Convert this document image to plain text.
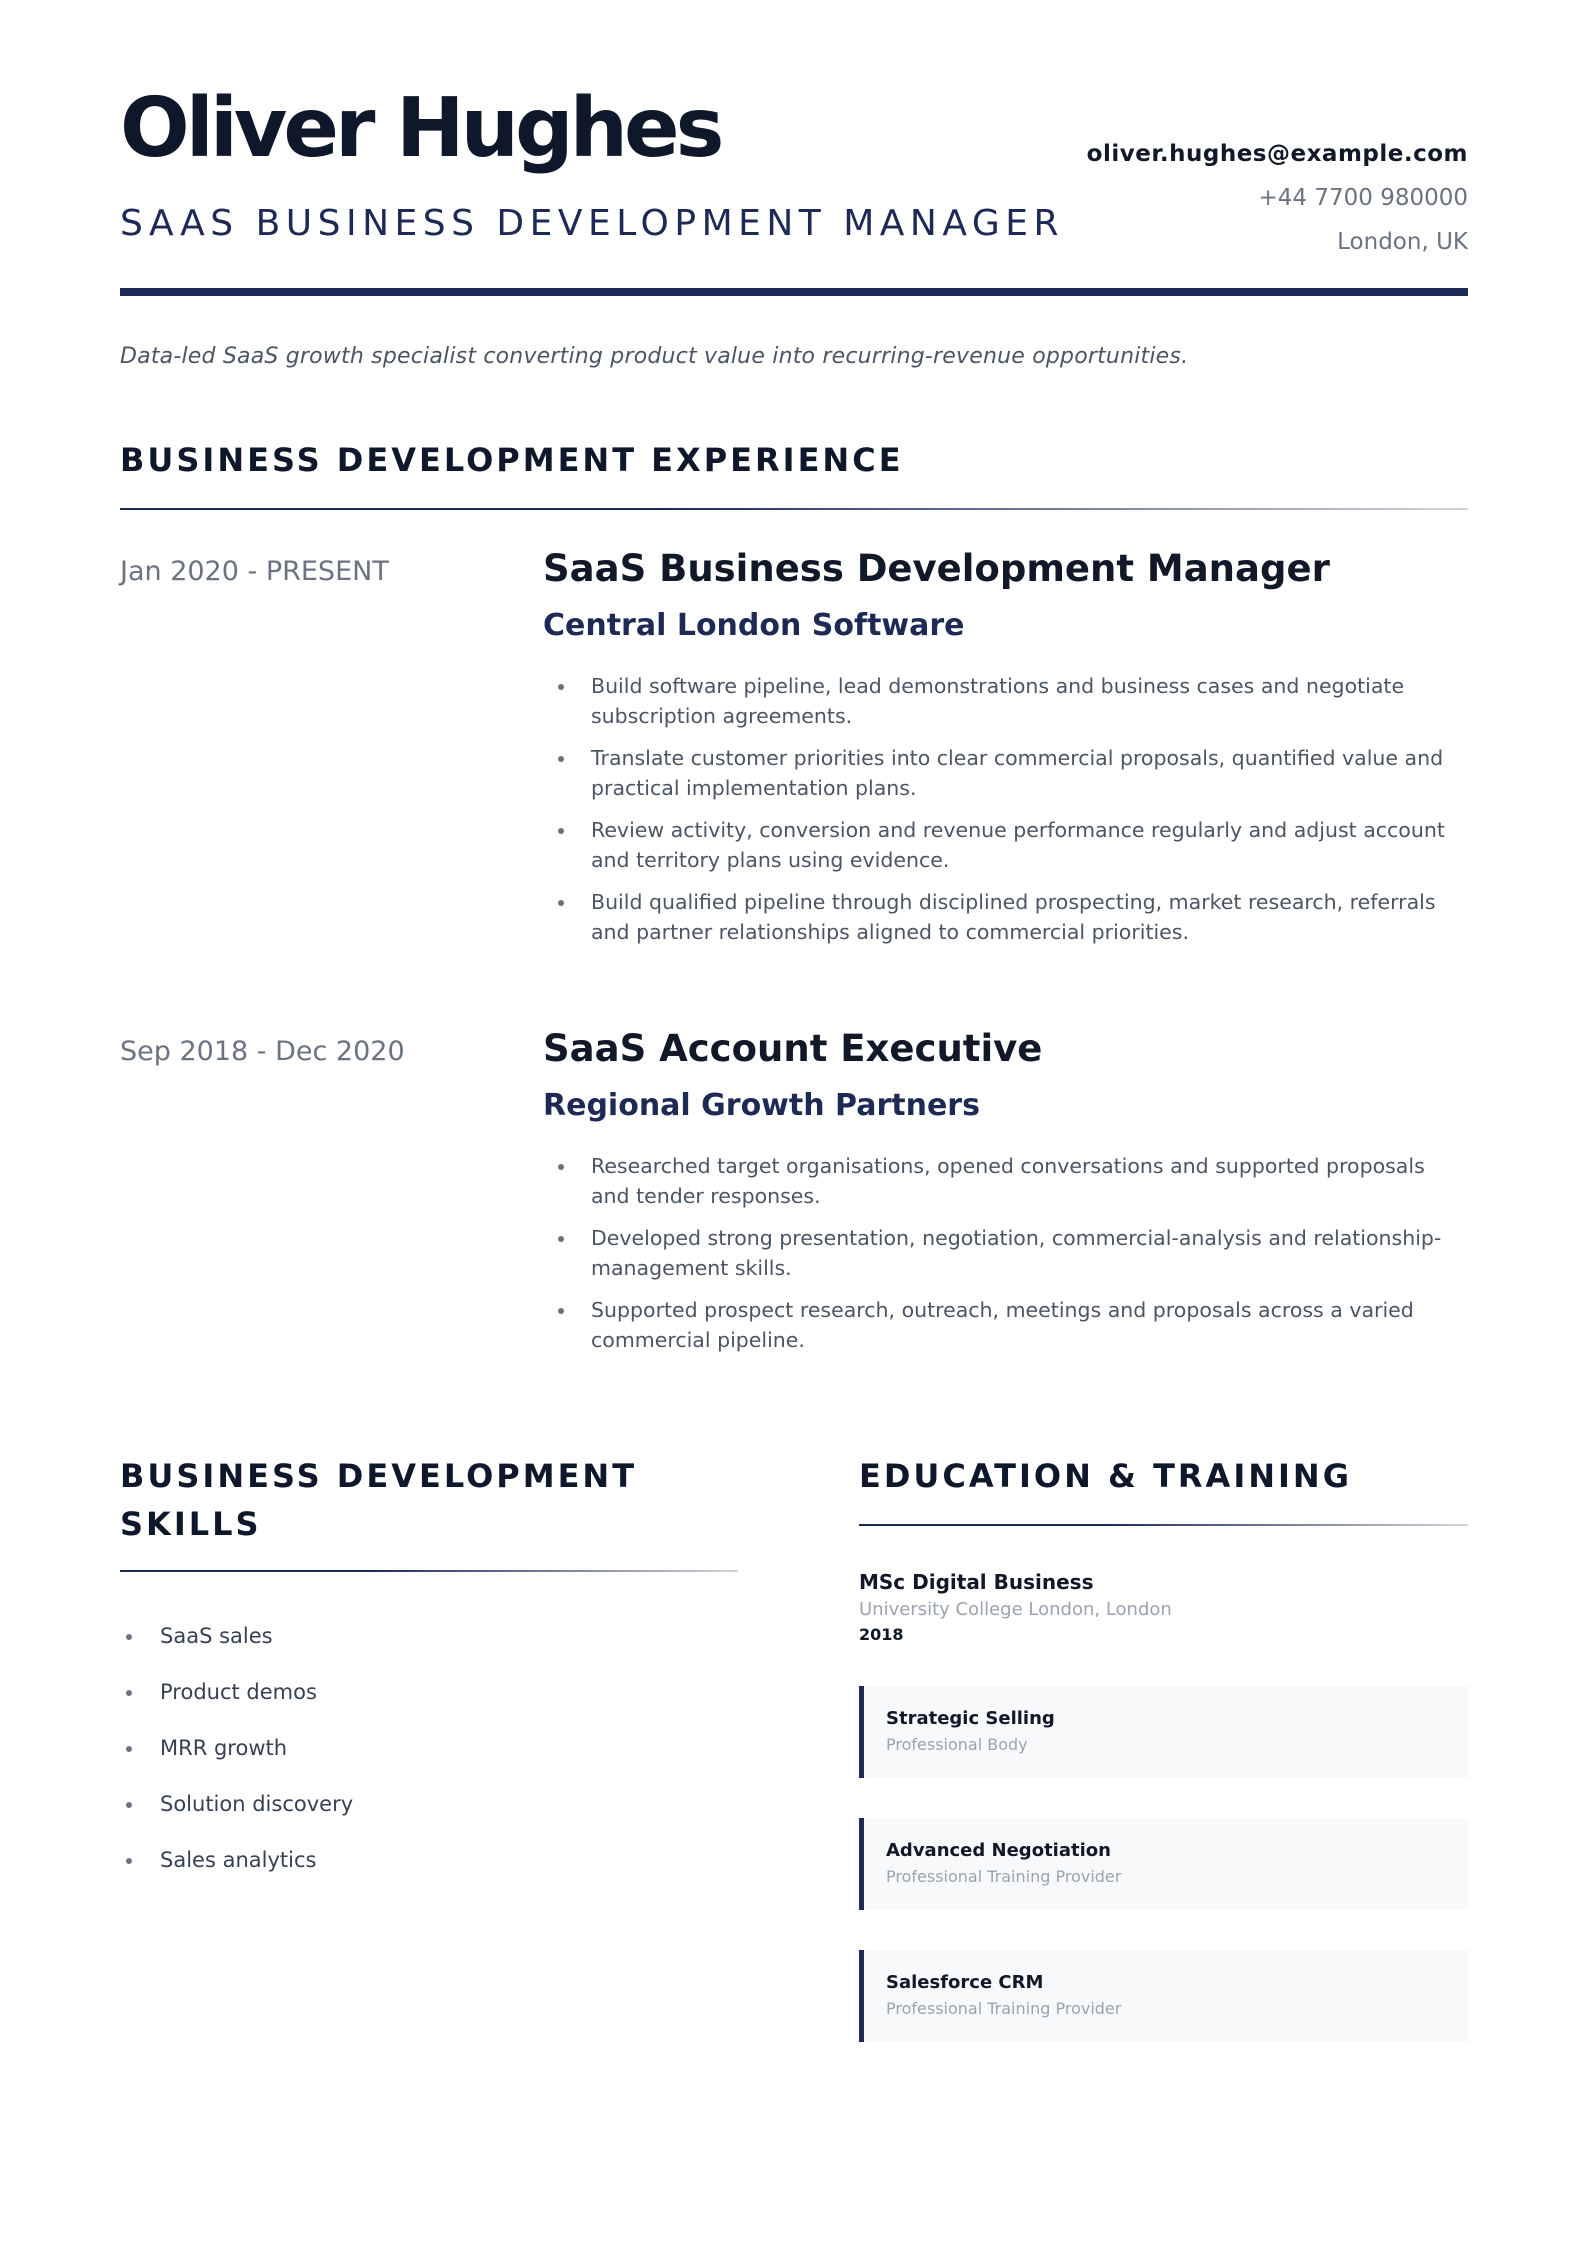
Oliver Hughes
SAAS BUSINESS DEVELOPMENT MANAGER
oliver.hughes@example.com
+44 7700 980000
London, UK
Data-led SaaS growth specialist converting product value into recurring-revenue opportunities.
BUSINESS DEVELOPMENT EXPERIENCE
Jan 2020 - PRESENT	SaaS Business Development Manager
Central London Software
Build software pipeline, lead demonstrations and business cases and negotiate subscription agreements.
Translate customer priorities into clear commercial proposals, quantified value and practical implementation plans.
Review activity, conversion and revenue performance regularly and adjust account and territory plans using evidence.
Build qualified pipeline through disciplined prospecting, market research, referrals and partner relationships aligned to commercial priorities.
Sep 2018 - Dec 2020	SaaS Account Executive
Regional Growth Partners
Researched target organisations, opened conversations and supported proposals and tender responses.
Developed strong presentation, negotiation, commercial-analysis and relationship-management skills.
Supported prospect research, outreach, meetings and proposals across a varied commercial pipeline.
BUSINESS DEVELOPMENT SKILLS
SaaS sales
Product demos
MRR growth
Solution discovery
Sales analytics
EDUCATION & TRAINING
MSc Digital Business
University College London, London
2018
Strategic Selling
Professional Body
Advanced Negotiation
Professional Training Provider
Salesforce CRM
Professional Training Provider
